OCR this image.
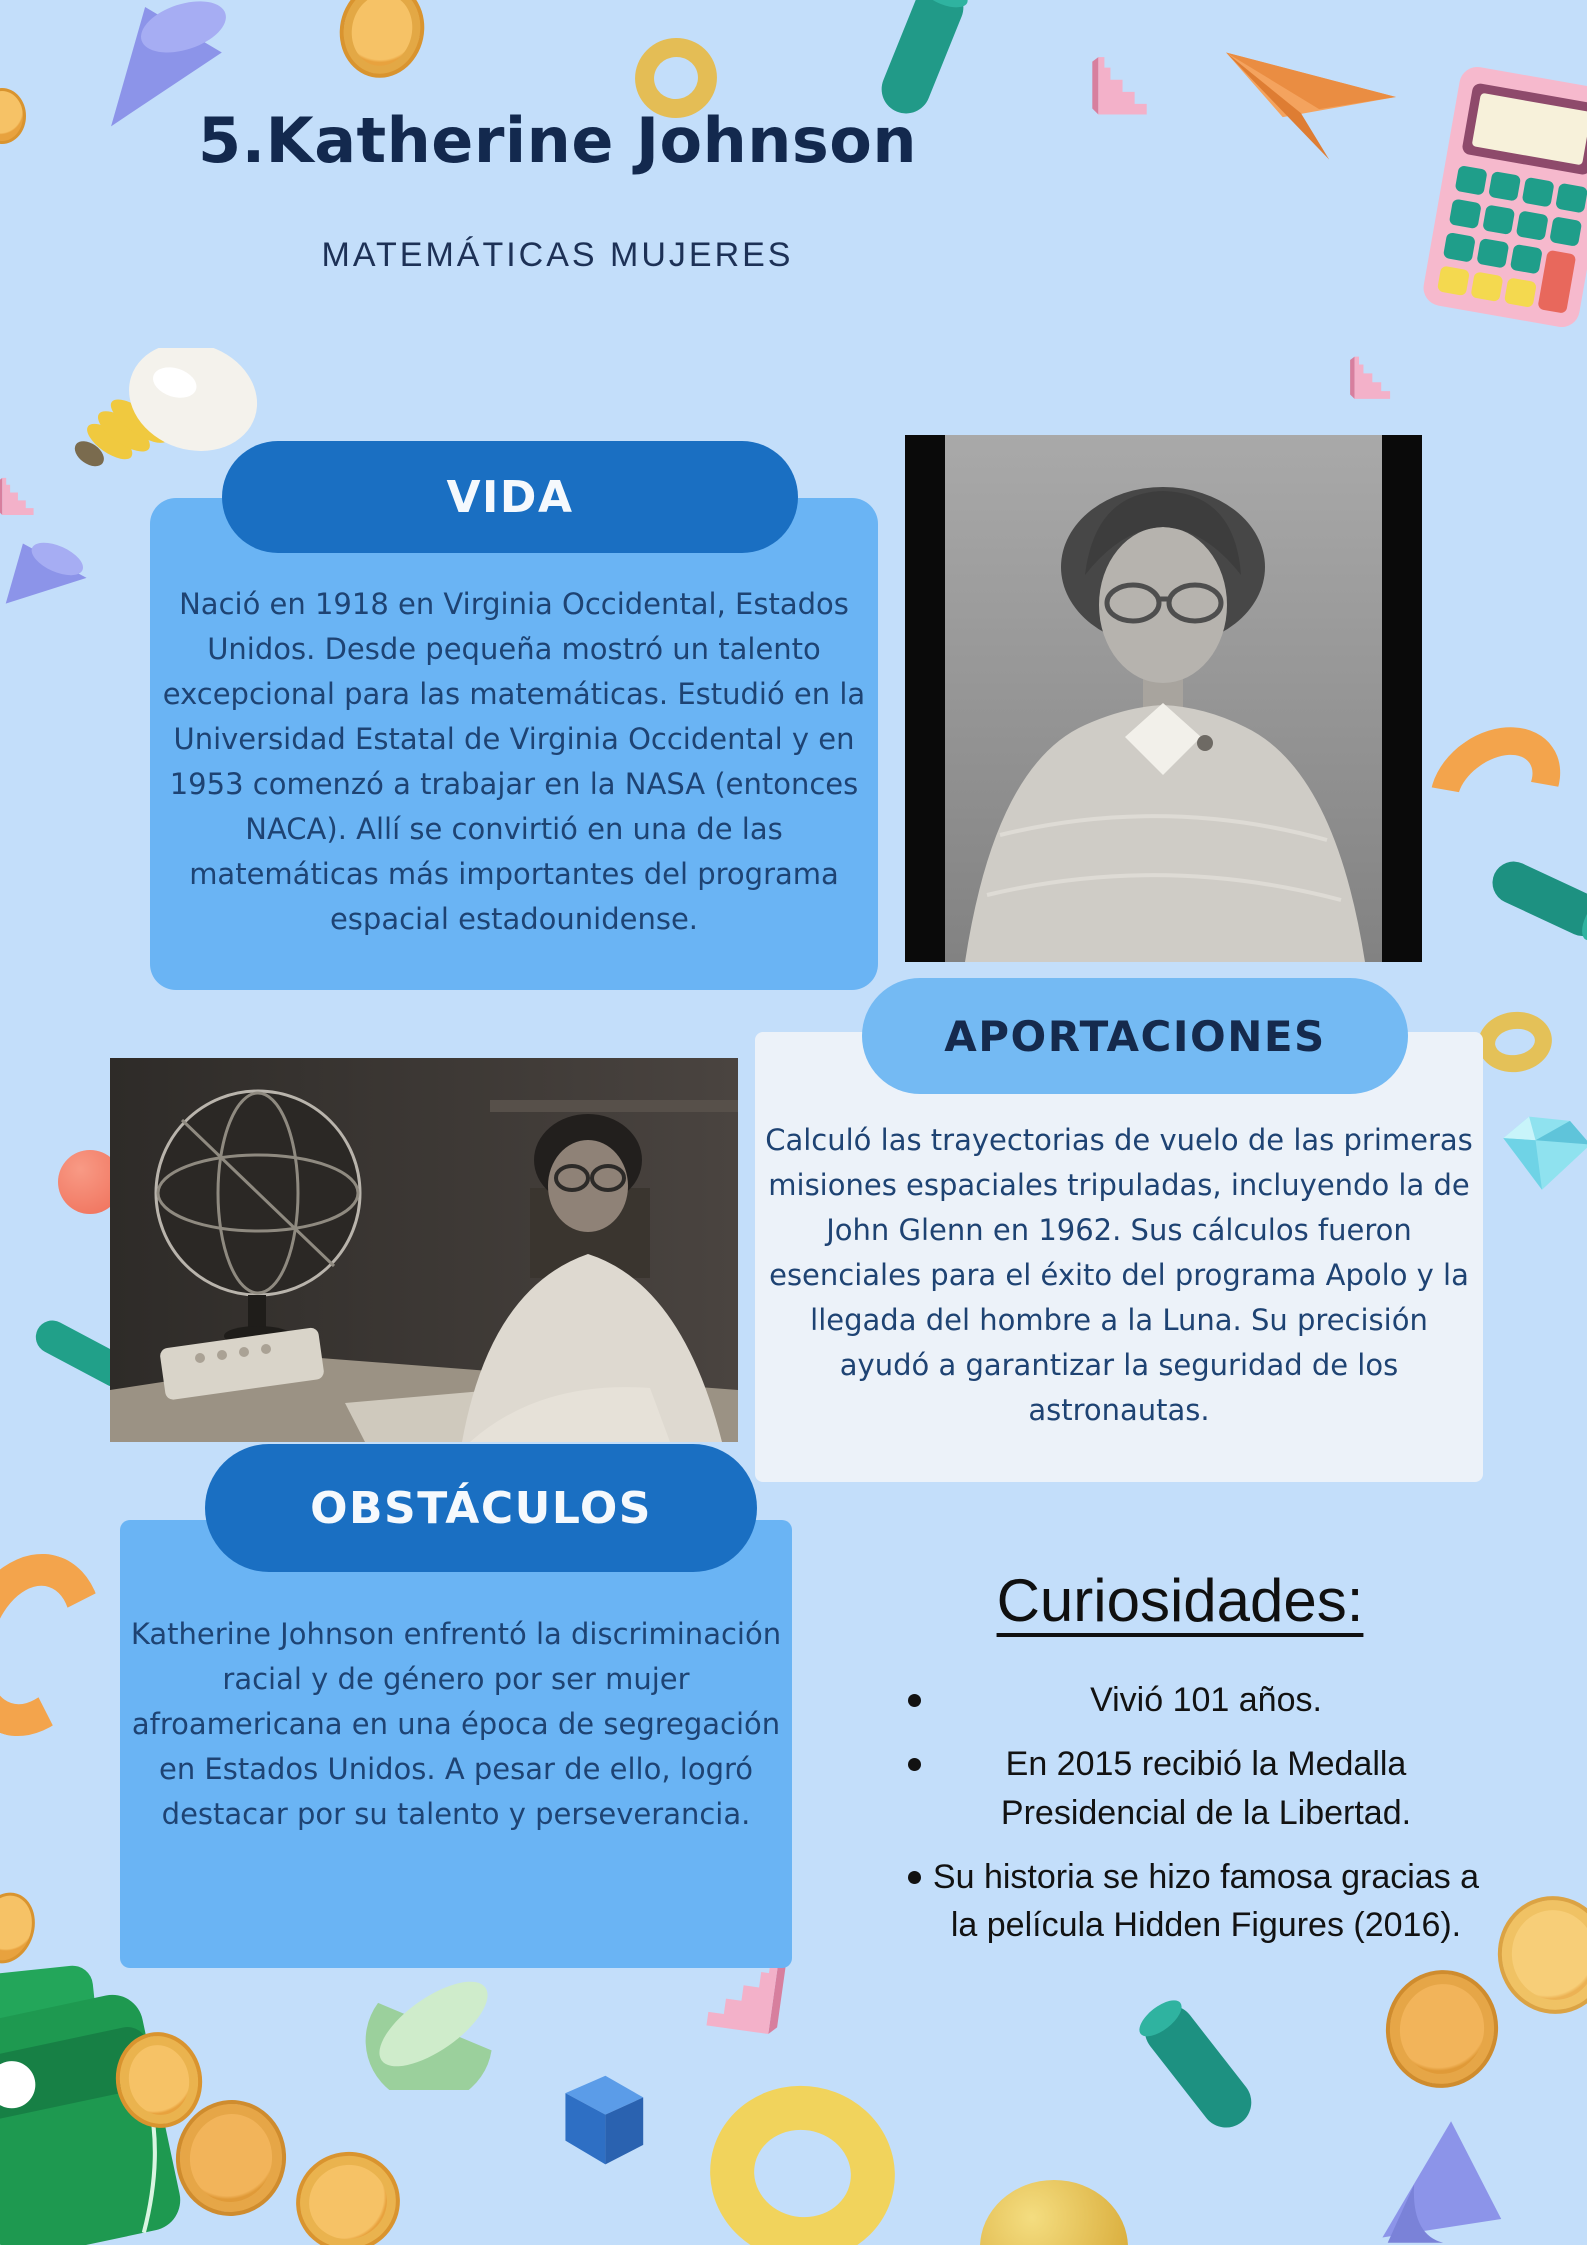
5.Katherine Johnson
MATEMÁTICAS MUJERES
VIDA
Nació en 1918 en Virginia Occidental, Estados Unidos. Desde pequeña mostró un talento excepcional para las matemáticas. Estudió en la Universidad Estatal de Virginia Occidental y en 1953 comenzó a trabajar en la NASA (entonces NACA). Allí se convirtió en una de las matemáticas más importantes del programa espacial estadounidense.
APORTACIONES
Calculó las trayectorias de vuelo de las primeras misiones espaciales tripuladas, incluyendo la de John Glenn en 1962. Sus cálculos fueron esenciales para el éxito del programa Apolo y la llegada del hombre a la Luna. Su precisión ayudó a garantizar la seguridad de los astronautas.
OBSTÁCULOS
Katherine Johnson enfrentó la discriminación racial y de género por ser mujer afroamericana en una época de segregación en Estados Unidos. A pesar de ello, logró destacar por su talento y perseverancia.
Curiosidades:
Vivió 101 años.
En 2015 recibió la Medalla Presidencial de la Libertad.
Su historia se hizo famosa gracias a la película Hidden Figures (2016).
